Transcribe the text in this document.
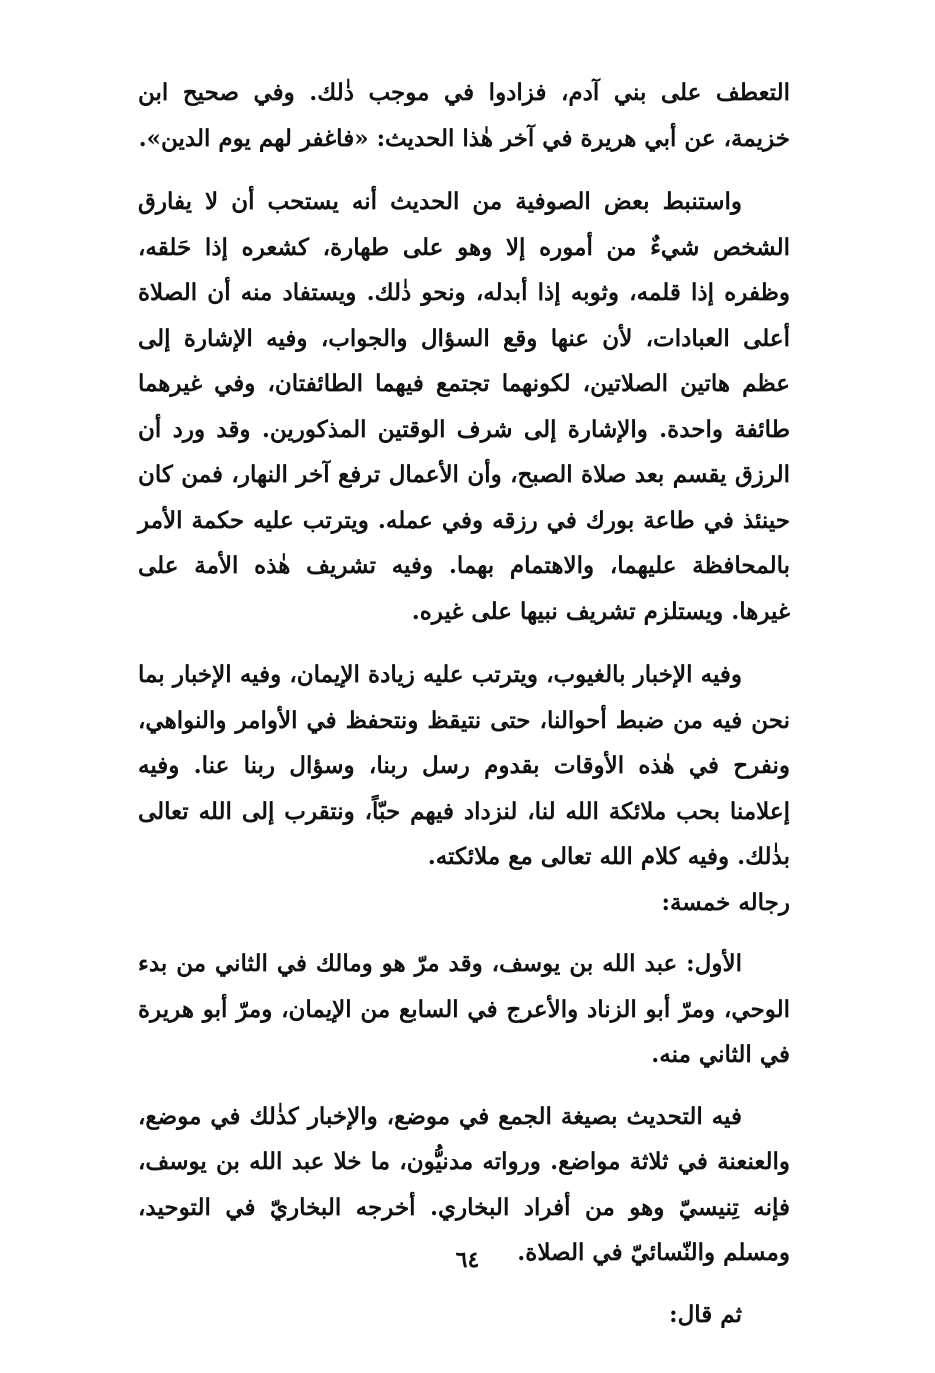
التعطف على بني آدم، فزادوا في موجب ذٰلك. وفي صحيح ابن خزيمة، عن أبي هريرة في آخر هٰذا الحديث: «فاغفر لهم يوم الدين».

واستنبط بعض الصوفية من الحديث أنه يستحب أن لا يفارق الشخص شيءٌ من أموره إلا وهو على طهارة، كشعره إذا حَلقه، وظفره إذا قلمه، وثوبه إذا أبدله، ونحو ذٰلك. ويستفاد منه أن الصلاة أعلى العبادات، لأن عنها وقع السؤال والجواب، وفيه الإشارة إلى عظم هاتين الصلاتين، لكونهما تجتمع فيهما الطائفتان، وفي غيرهما طائفة واحدة. والإشارة إلى شرف الوقتين المذكورين. وقد ورد أن الرزق يقسم بعد صلاة الصبح، وأن الأعمال ترفع آخر النهار، فمن كان حينئذ في طاعة بورك في رزقه وفي عمله. ويترتب عليه حكمة الأمر بالمحافظة عليهما، والاهتمام بهما. وفيه تشريف هٰذه الأمة على غيرها. ويستلزم تشريف نبيها على غيره.

وفيه الإخبار بالغيوب، ويترتب عليه زيادة الإيمان، وفيه الإخبار بما نحن فيه من ضبط أحوالنا، حتى نتيقظ ونتحفظ في الأوامر والنواهي، ونفرح في هٰذه الأوقات بقدوم رسل ربنا، وسؤال ربنا عنا. وفيه إعلامنا بحب ملائكة الله لنا، لنزداد فيهم حبّاً، ونتقرب إلى الله تعالى بذٰلك. وفيه كلام الله تعالى مع ملائكته.

رجاله خمسة:

الأول: عبد الله بن يوسف، وقد مرّ هو ومالك في الثاني من بدء الوحي، ومرّ أبو الزناد والأعرج في السابع من الإيمان، ومرّ أبو هريرة في الثاني منه.

فيه التحديث بصيغة الجمع في موضع، والإخبار كذٰلك في موضع، والعنعنة في ثلاثة مواضع. ورواته مدنيُّون، ما خلا عبد الله بن يوسف، فإنه تِنيسيّ وهو من أفراد البخاري. أخرجه البخاريّ في التوحيد، ومسلم والنّسائيّ في الصلاة.

ثم قال:

٦٤
